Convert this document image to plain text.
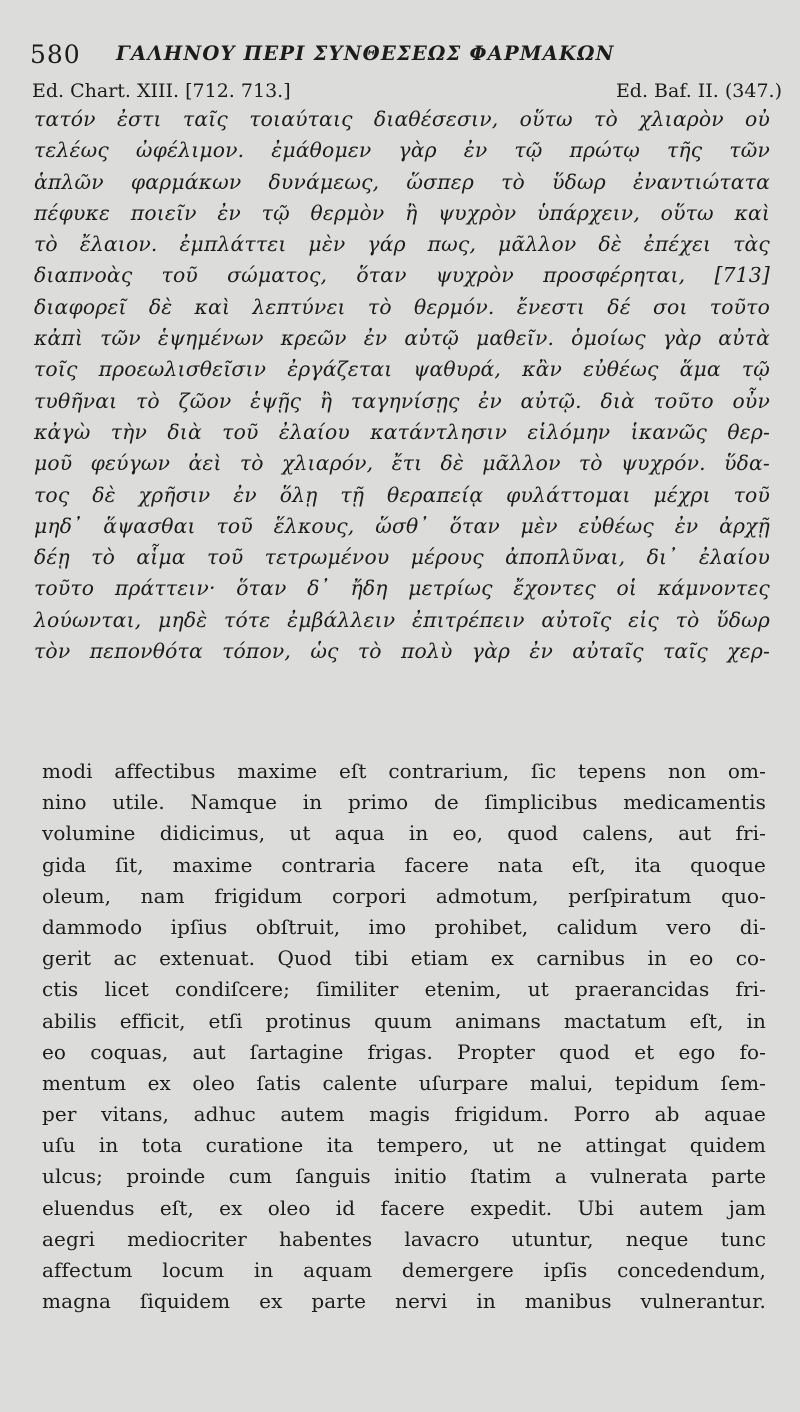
580 ΓΑΛΗΝΟΥ ΠΕΡΙ ΣΥΝΘΕΣΕΩΣ ΦΑΡΜΑΚΩΝ
Ed. Chart. XIII. [712. 713.]	Ed. Baf. II. (347.)
τατόν ἐστι ταῖς τοιαύταις διαθέσεσιν, οὕτω τὸ χλιαρὸν οὐ
τελέως ὠφέλιμον. ἐμάθομεν γὰρ ἐν τῷ πρώτῳ τῆς τῶν
ἁπλῶν φαρμάκων δυνάμεως, ὥσπερ τὸ ὕδωρ ἐναντιώτατα
πέφυκε ποιεῖν ἐν τῷ θερμὸν ἢ ψυχρὸν ὑπάρχειν, οὕτω καὶ
τὸ ἔλαιον. ἐμπλάττει μὲν γάρ πως, μᾶλλον δὲ ἐπέχει τὰς
διαπνοὰς τοῦ σώματος, ὅταν ψυχρὸν προσφέρηται, [713]
διαφορεῖ δὲ καὶ λεπτύνει τὸ θερμόν. ἔνεστι δέ σοι τοῦτο
κἀπὶ τῶν ἑψημένων κρεῶν ἐν αὐτῷ μαθεῖν. ὁμοίως γὰρ αὐτὰ
τοῖς προεωλισθεῖσιν ἐργάζεται ψαθυρά, κἂν εὐθέως ἅμα τῷ
τυθῆναι τὸ ζῶον ἑψῇς ἢ ταγηνίσῃς ἐν αὐτῷ. διὰ τοῦτο οὖν
κἀγὼ τὴν διὰ τοῦ ἐλαίου κατάντλησιν εἱλόμην ἱκανῶς θερ-
μοῦ φεύγων ἀεὶ τὸ χλιαρόν, ἔτι δὲ μᾶλλον τὸ ψυχρόν. ὕδα-
τος δὲ χρῆσιν ἐν ὅλῃ τῇ θεραπείᾳ φυλάττομαι μέχρι τοῦ
μηδ᾿ ἅψασθαι τοῦ ἕλκους, ὥσθ᾿ ὅταν μὲν εὐθέως ἐν ἀρχῇ
δέῃ τὸ αἷμα τοῦ τετρωμένου μέρους ἀποπλῦναι, δι᾿ ἐλαίου
τοῦτο πράττειν· ὅταν δ᾿ ἤδη μετρίως ἔχοντες οἱ κάμνοντες
λούωνται, μηδὲ τότε ἐμβάλλειν ἐπιτρέπειν αὐτοῖς εἰς τὸ ὕδωρ
τὸν πεπονθότα τόπον, ὡς τὸ πολὺ γὰρ ἐν αὐταῖς ταῖς χερ-
modi affectibus maxime eſt contrarium, ſic tepens non om-
nino utile. Namque in primo de ſimplicibus medicamentis
volumine didicimus, ut aqua in eo, quod calens, aut fri-
gida ſit, maxime contraria facere nata eſt, ita quoque
oleum, nam frigidum corpori admotum, perſpiratum quo-
dammodo ipſius obſtruit, imo prohibet, calidum vero di-
gerit ac extenuat. Quod tibi etiam ex carnibus in eo co-
ctis licet condiſcere; ſimiliter etenim, ut praerancidas fri-
abilis efficit, etſi protinus quum animans mactatum eſt, in
eo coquas, aut ſartagine frigas. Propter quod et ego fo-
mentum ex oleo ſatis calente uſurpare malui, tepidum ſem-
per vitans, adhuc autem magis frigidum. Porro ab aquae
uſu in tota curatione ita tempero, ut ne attingat quidem
ulcus; proinde cum ſanguis initio ſtatim a vulnerata parte
eluendus eſt, ex oleo id facere expedit. Ubi autem jam
aegri mediocriter habentes lavacro utuntur, neque tunc
affectum locum in aquam demergere ipſis concedendum,
magna ſiquidem ex parte nervi in manibus vulnerantur.
